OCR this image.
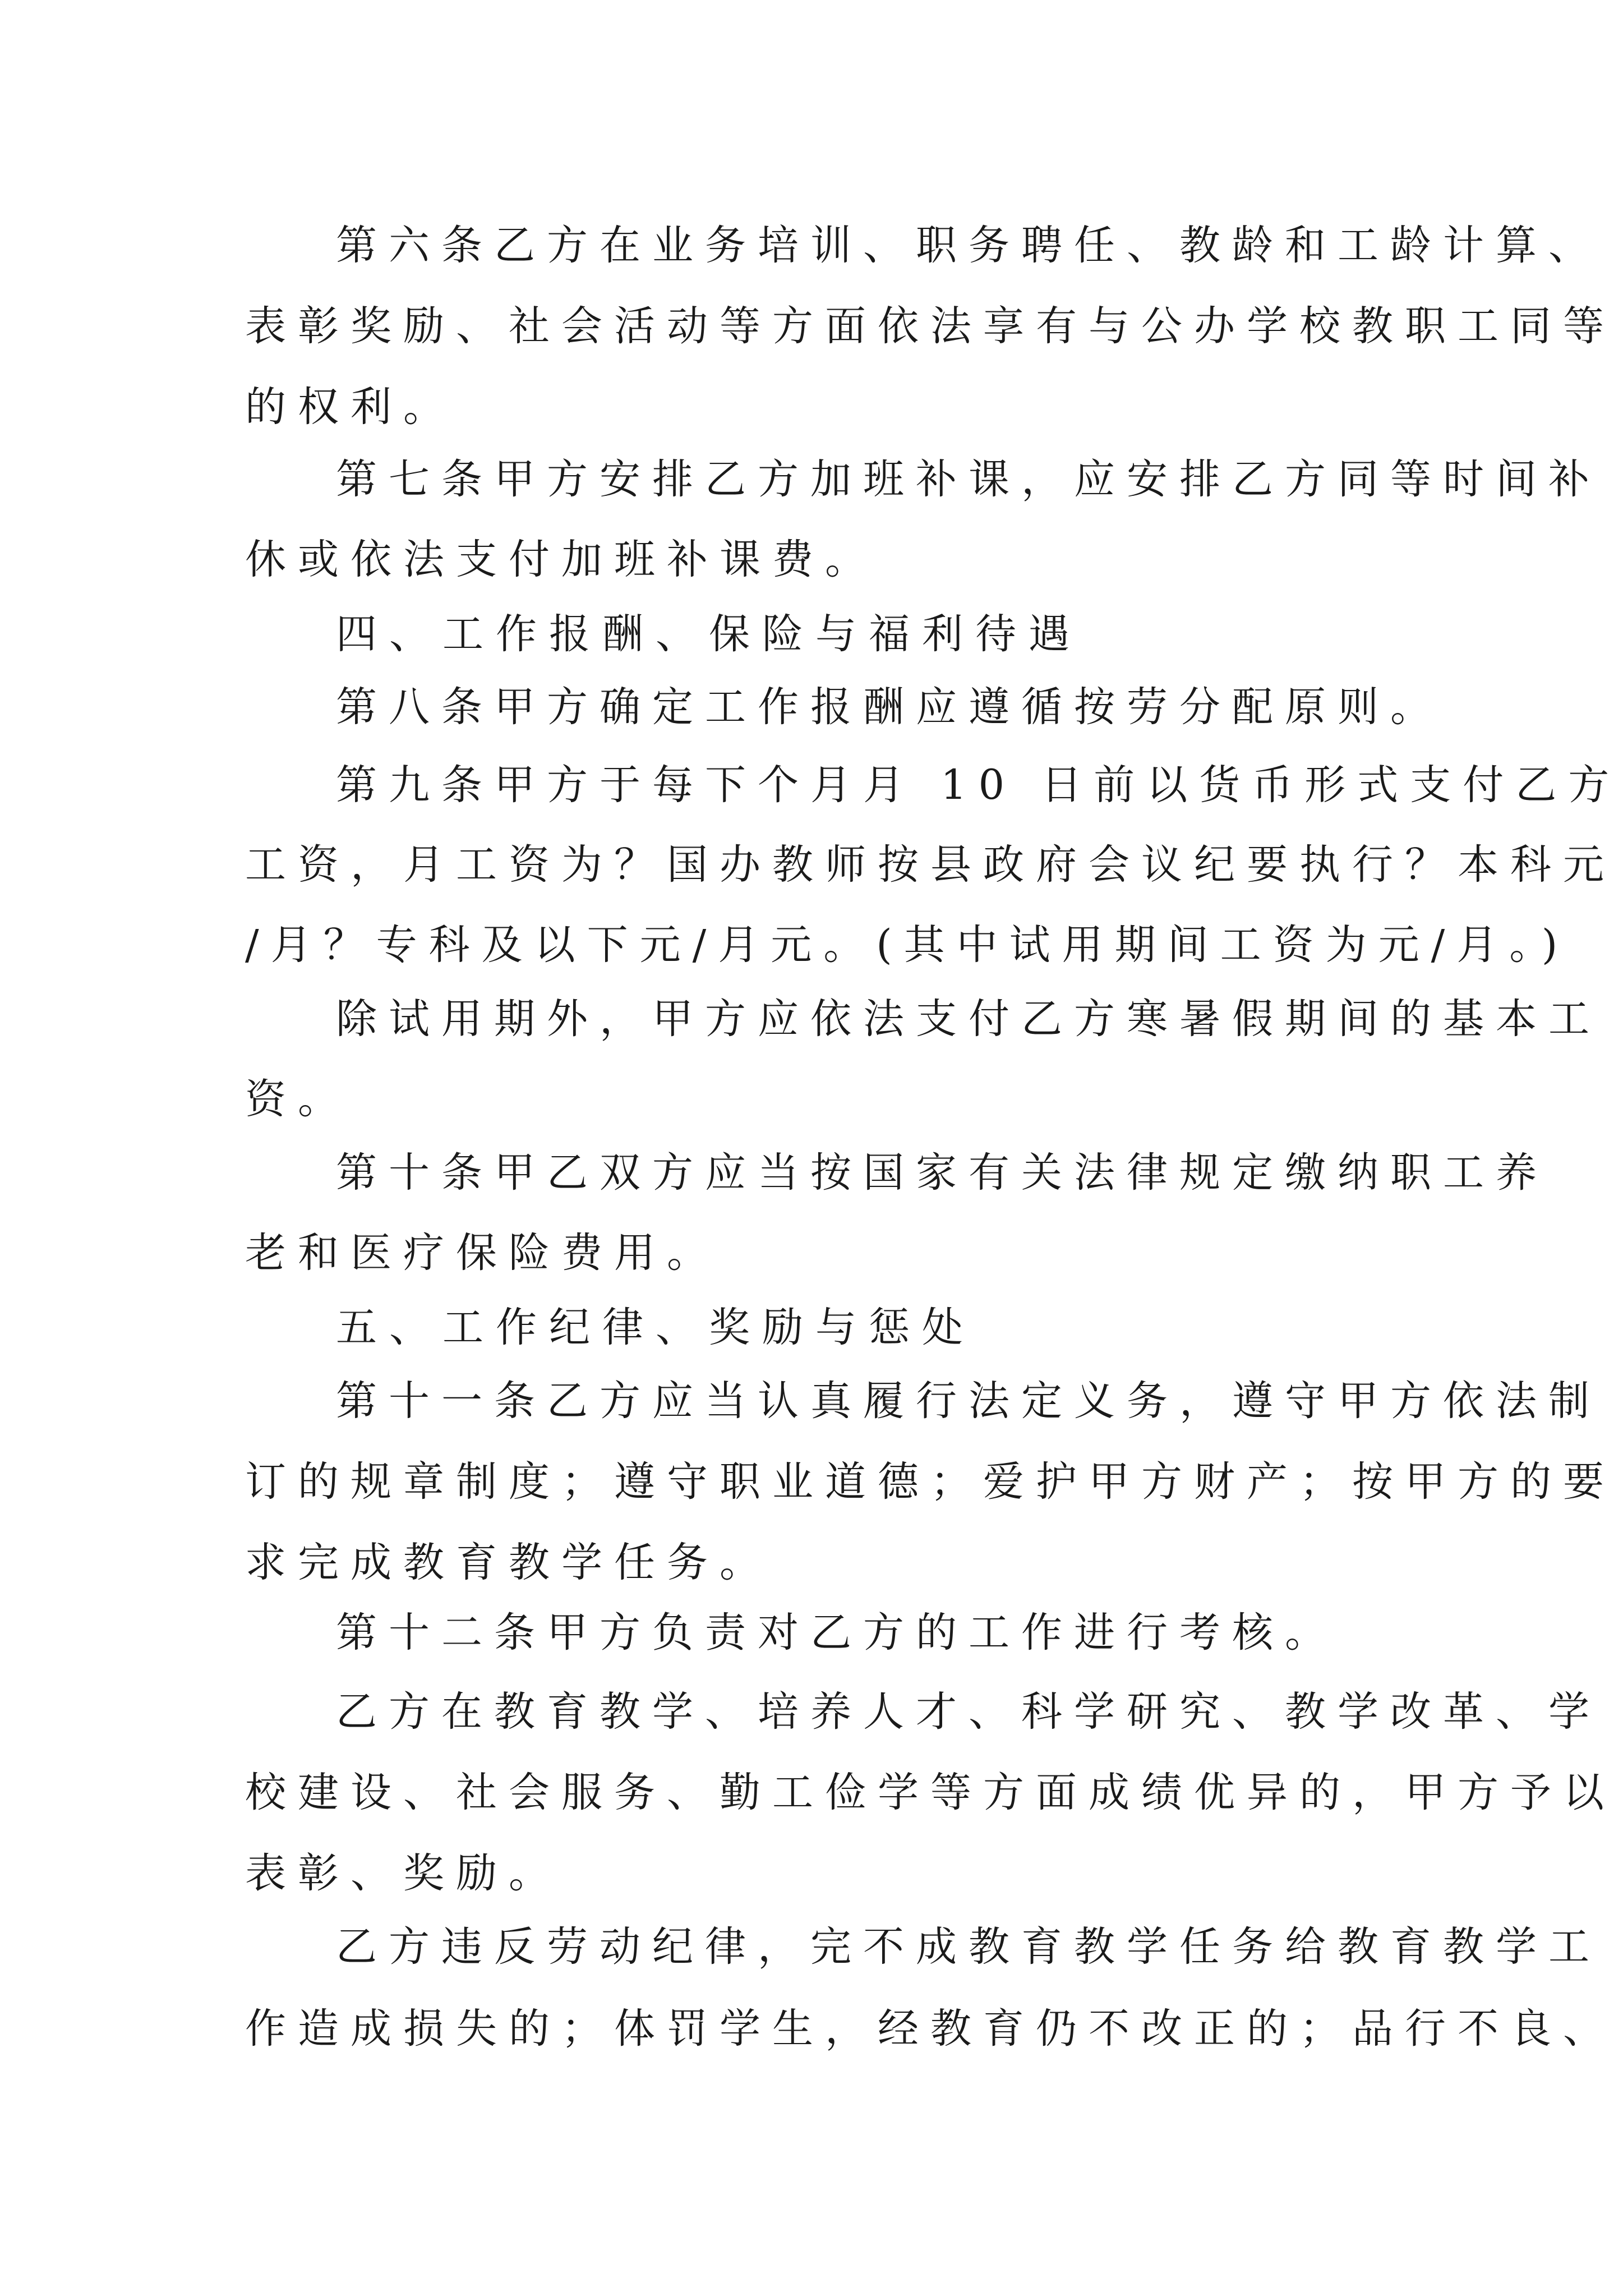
第六条乙方在业务培训、职务聘任、教龄和工龄计算、
表彰奖励、社会活动等方面依法享有与公办学校教职工同等
的权利。
第七条甲方安排乙方加班补课，应安排乙方同等时间补
休或依法支付加班补课费。
四、工作报酬、保险与福利待遇
第八条甲方确定工作报酬应遵循按劳分配原则。
第九条甲方于每下个月月 10 日前以货币形式支付乙方
工资，月工资为？国办教师按县政府会议纪要执行？本科元
/月？专科及以下元/月元。(其中试用期间工资为元/月。)
除试用期外，甲方应依法支付乙方寒暑假期间的基本工
资。
第十条甲乙双方应当按国家有关法律规定缴纳职工养
老和医疗保险费用。
五、工作纪律、奖励与惩处
第十一条乙方应当认真履行法定义务，遵守甲方依法制
订的规章制度；遵守职业道德；爱护甲方财产；按甲方的要
求完成教育教学任务。
第十二条甲方负责对乙方的工作进行考核。
乙方在教育教学、培养人才、科学研究、教学改革、学
校建设、社会服务、勤工俭学等方面成绩优异的，甲方予以
表彰、奖励。
乙方违反劳动纪律，完不成教育教学任务给教育教学工
作造成损失的；体罚学生，经教育仍不改正的；品行不良、
